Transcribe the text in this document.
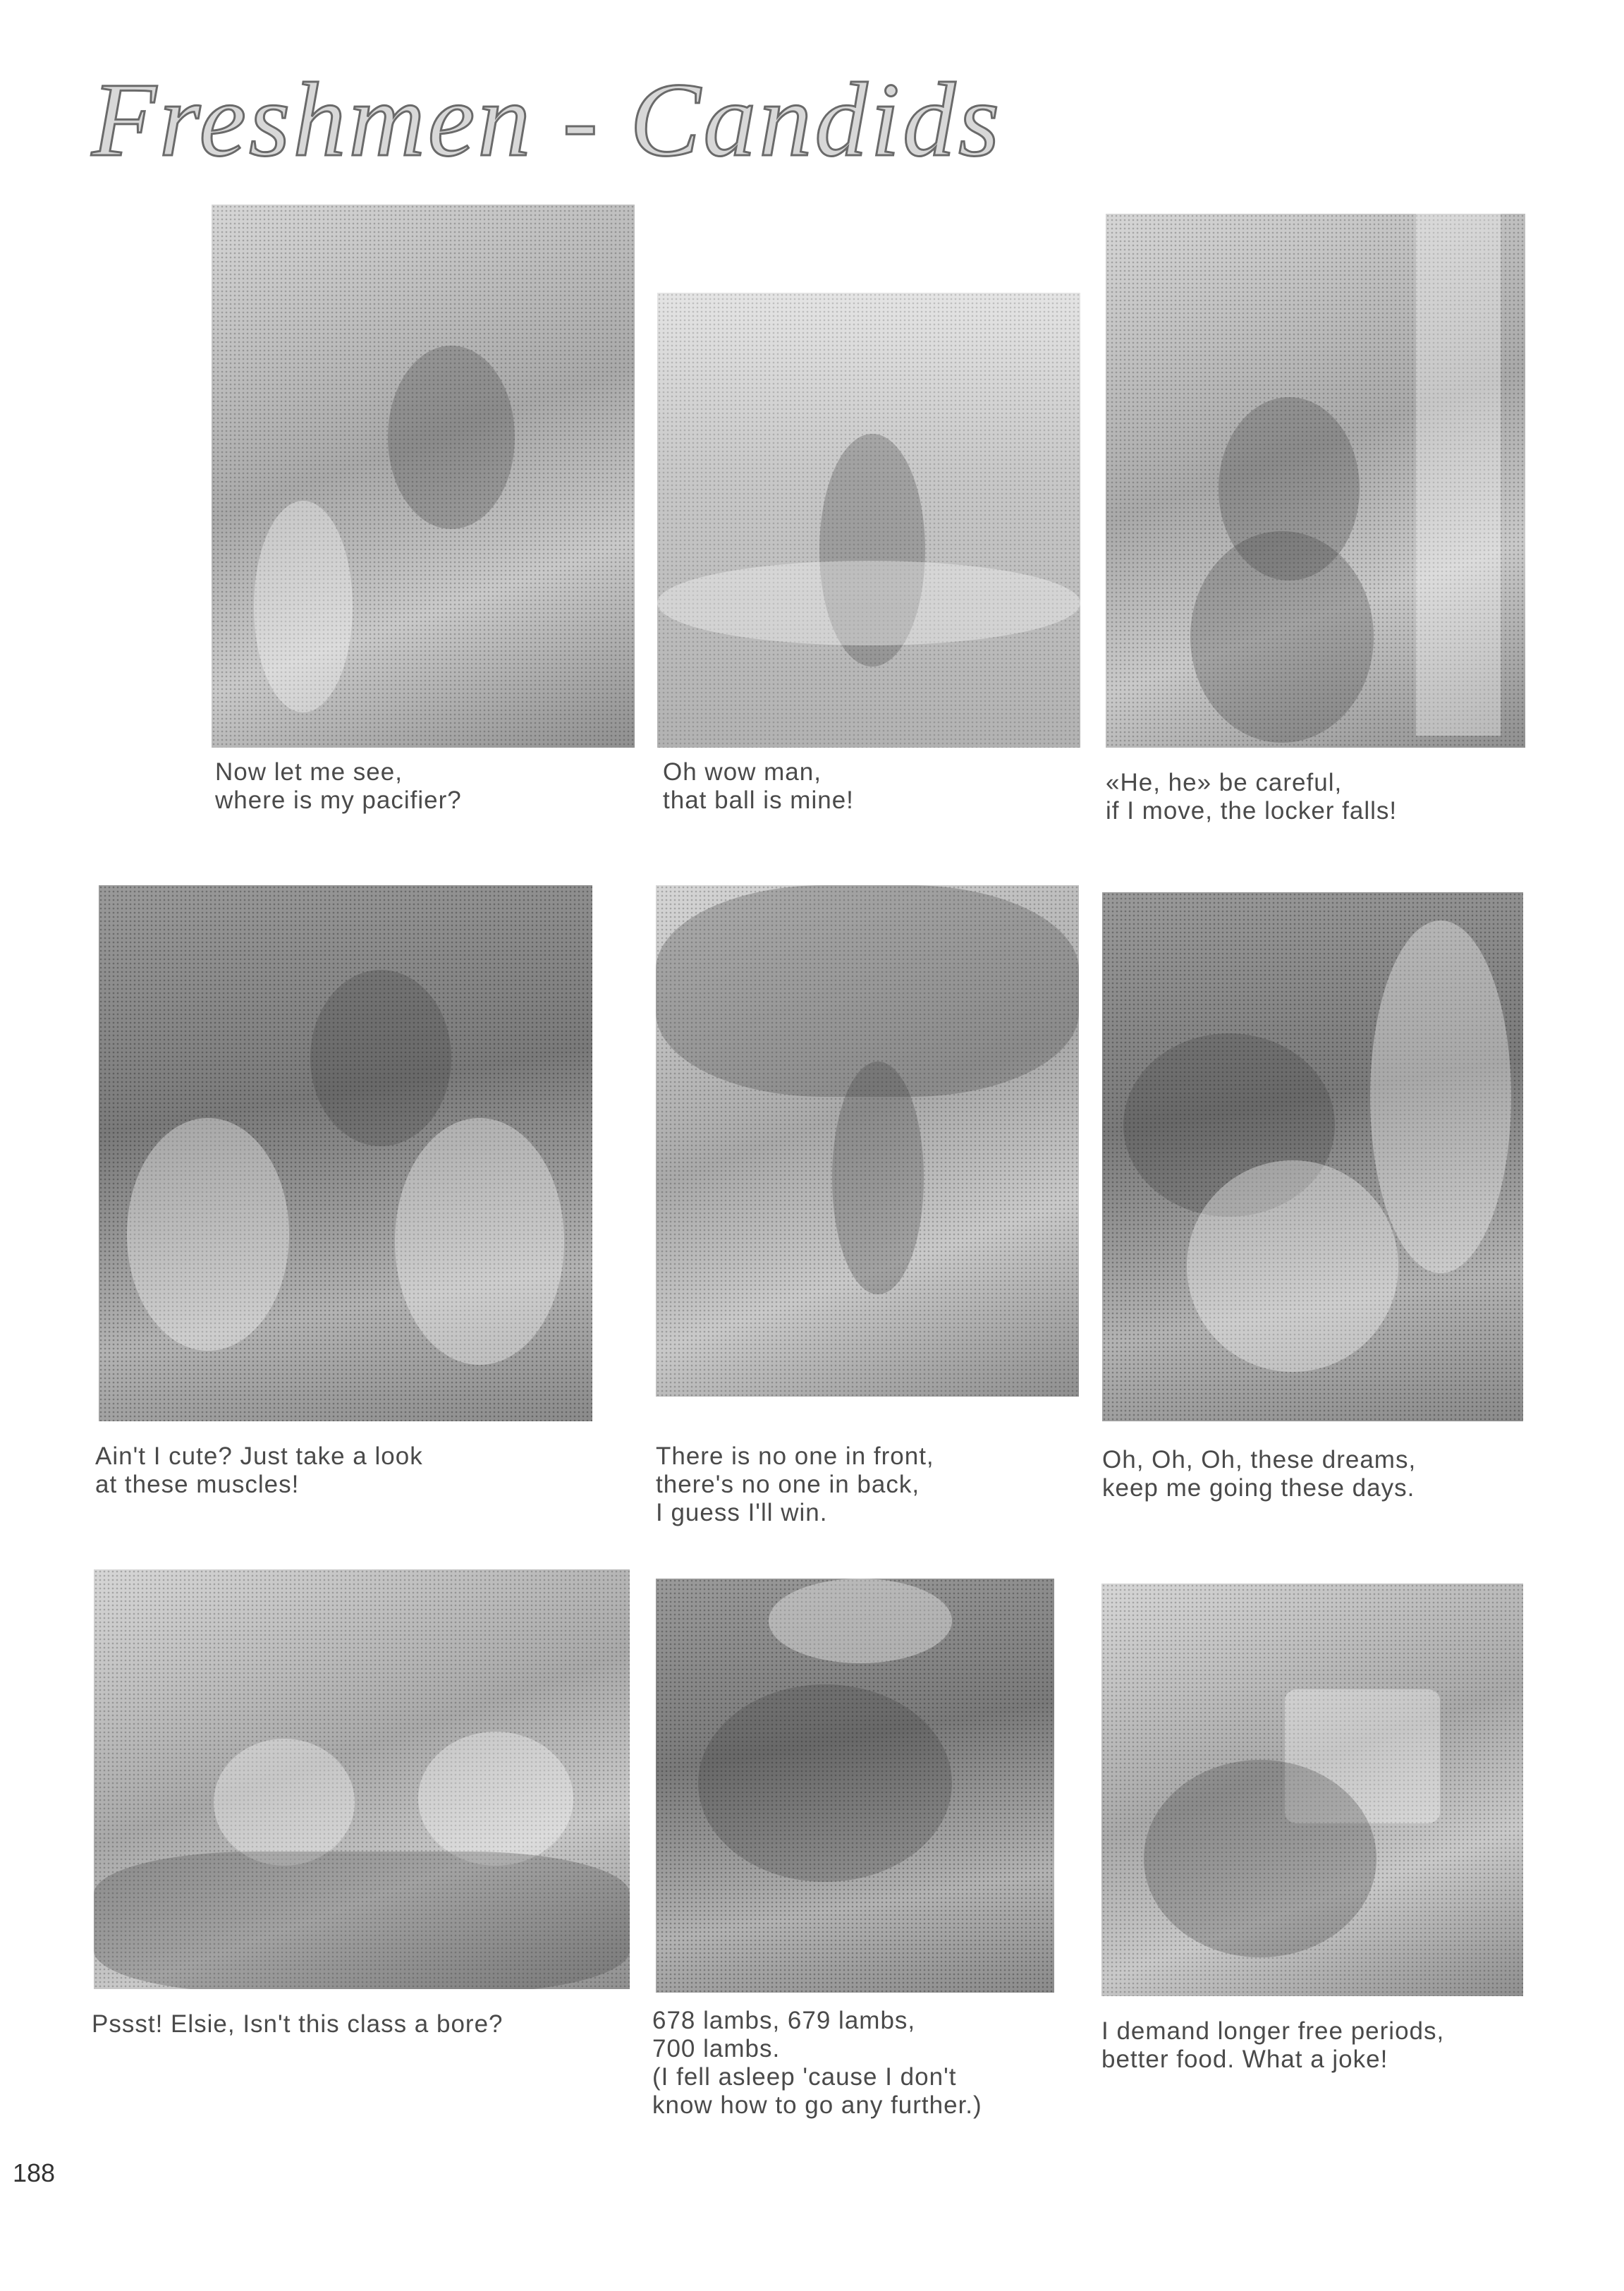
Freshmen - Candids
Now let me see,
where is my pacifier?
Oh wow man,
that ball is mine!
«He, he» be careful,
if I move, the locker falls!
Ain't I cute? Just take a look
at these muscles!
There is no one in front,
there's no one in back,
I guess I'll win.
Oh, Oh, Oh, these dreams,
keep me going these days.
Pssst! Elsie, Isn't this class a bore?	678 lambs, 679 lambs,
700 lambs.
(I fell asleep 'cause I don't
know how to go any further.)
I demand longer free periods,
better food. What a joke!
188
